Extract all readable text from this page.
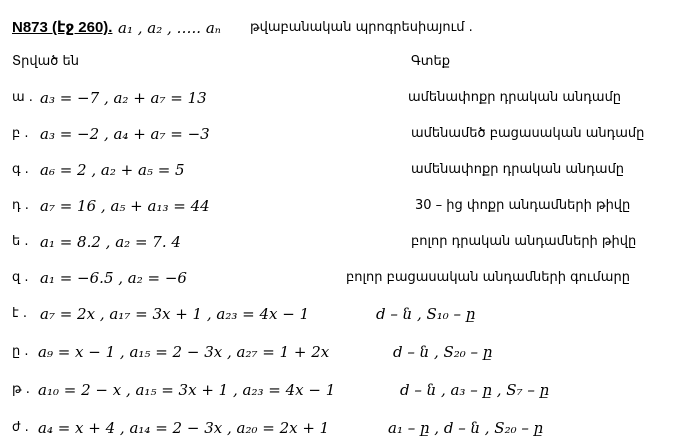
N873 (էջ 260). a₁ , a₂ , ….. aₙ թվաբանական պրոգրեսիայում .
Տրված են	Գտեք
ա . a₃ = −7 , a₂ + a₇ = 13	ամենափոքր դրական անդամը
բ . a₃ = −2 , a₄ + a₇ = −3	ամենամեծ բացասական անդամը
գ . a₆ = 2 , a₂ + a₅ = 5	ամենափոքր դրական անդամը
դ . a₇ = 16 , a₅ + a₁₃ = 44	30 – ից փոքր անդամների թիվը
ե . a₁ = 8.2 , a₂ = 7. 4	բոլոր դրական անդամների թիվը
զ . a₁ = −6.5 , a₂ = −6	բոլոր բացասական անդամների գումարը
է . a₇ = 2x , a₁₇ = 3x + 1 , a₂₃ = 4x − 1	d – ն , S₁₀ – ը
ը . a₉ = x − 1 , a₁₅ = 2 − 3x , a₂₇ = 1 + 2x	d – ն , S₂₀ – ը
թ . a₁₀ = 2 − x , a₁₅ = 3x + 1 , a₂₃ = 4x − 1	d – ն , a₃ – ը , S₇ – ը
ժ . a₄ = x + 4 , a₁₄ = 2 − 3x , a₂₀ = 2x + 1	a₁ – ը , d – ն , S₂₀ – ը
